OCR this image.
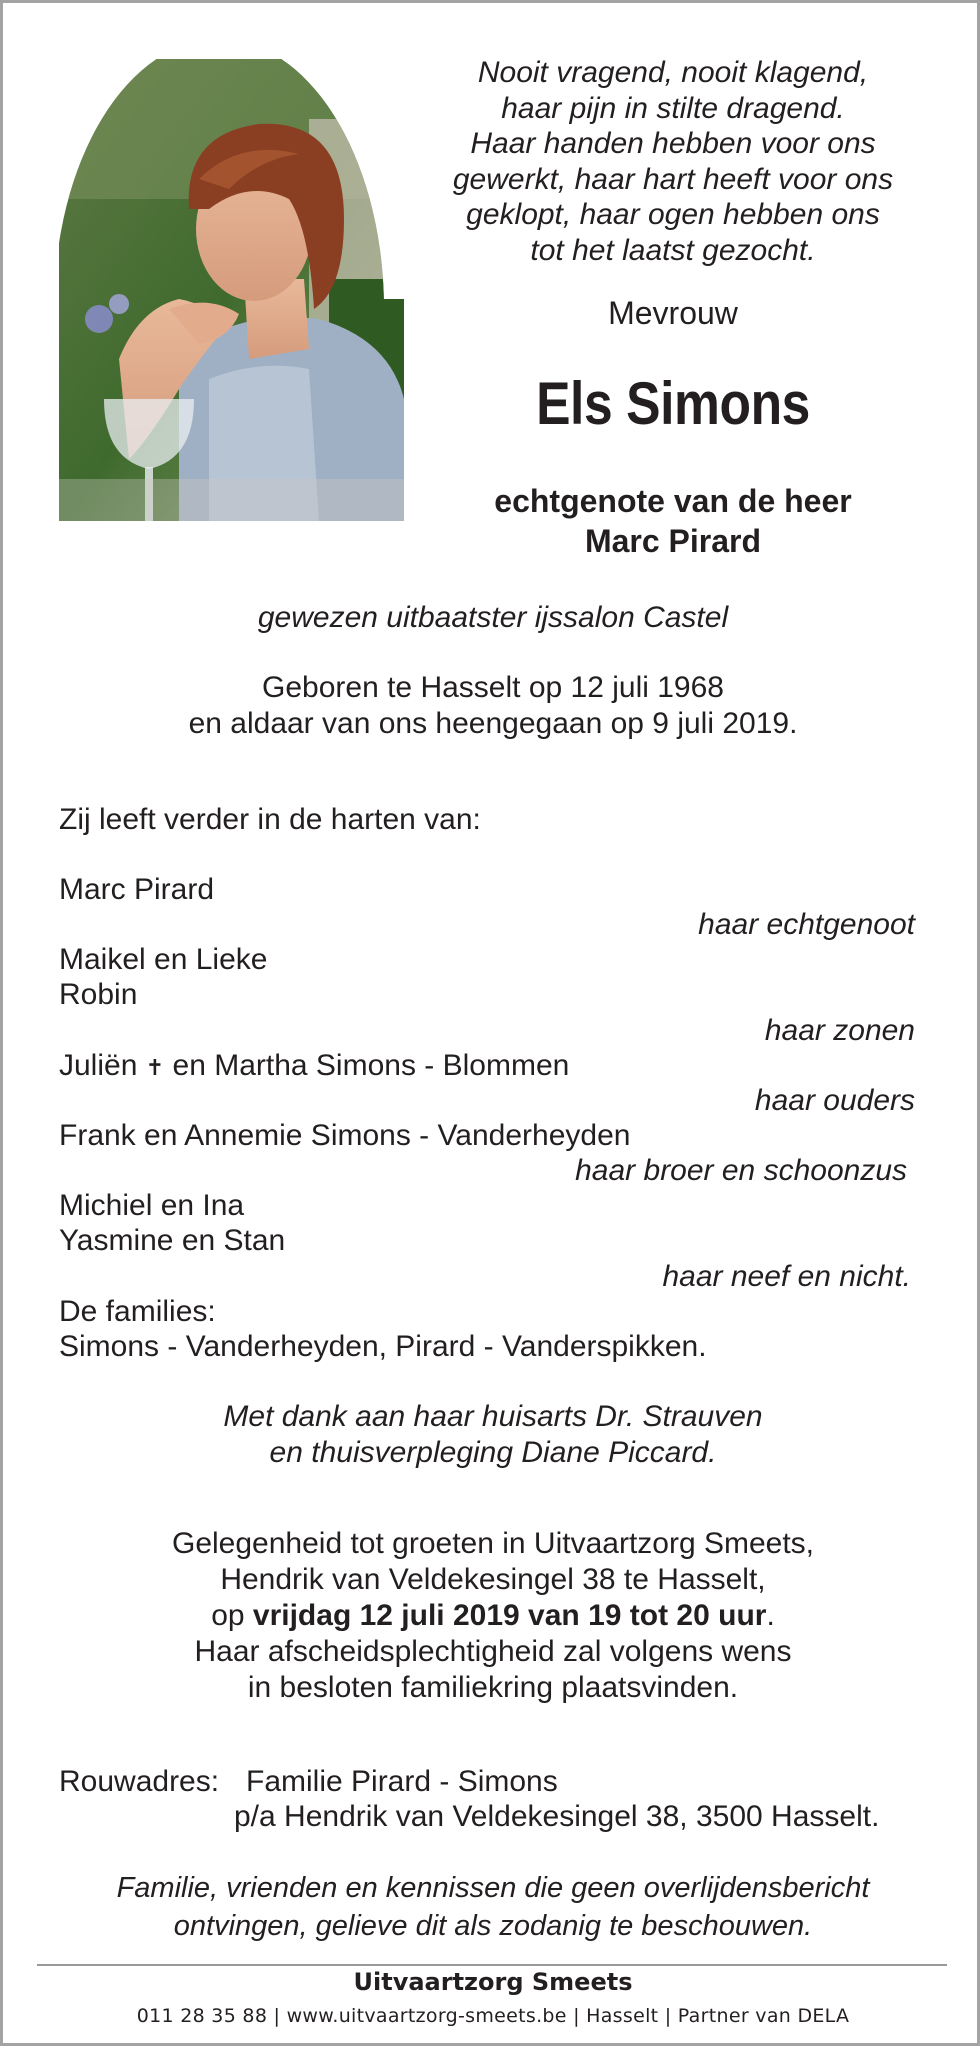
Nooit vragend, nooit klagend,
haar pijn in stilte dragend.
Haar handen hebben voor ons
gewerkt, haar hart heeft voor ons
geklopt, haar ogen hebben ons
tot het laatst gezocht.
Mevrouw
Els Simons
echtgenote van de heer
Marc Pirard
gewezen uitbaatster ijssalon Castel
Geboren te Hasselt op 12 juli 1968
en aldaar van ons heengegaan op 9 juli 2019.
Zij leeft verder in de harten van:
Marc Pirard
haar echtgenoot
Maikel en Lieke
Robin
haar zonen
Juliën ✝ en Martha Simons - Blommen
haar ouders
Frank en Annemie Simons - Vanderheyden
haar broer en schoonzus
Michiel en Ina
Yasmine en Stan
haar neef en nicht.
De families:
Simons - Vanderheyden, Pirard - Vanderspikken.
Met dank aan haar huisarts Dr. Strauven
en thuisverpleging Diane Piccard.
Gelegenheid tot groeten in Uitvaartzorg Smeets,
Hendrik van Veldekesingel 38 te Hasselt,
op vrijdag 12 juli 2019 van 19 tot 20 uur.
Haar afscheidsplechtigheid zal volgens wens
in besloten familiekring plaatsvinden.
Rouwadres: Familie Pirard - Simons
p/a Hendrik van Veldekesingel 38, 3500 Hasselt.
Familie, vrienden en kennissen die geen overlijdensbericht
ontvingen, gelieve dit als zodanig te beschouwen.
Uitvaartzorg Smeets
011 28 35 88 | www.uitvaartzorg-smeets.be | Hasselt | Partner van DELA
